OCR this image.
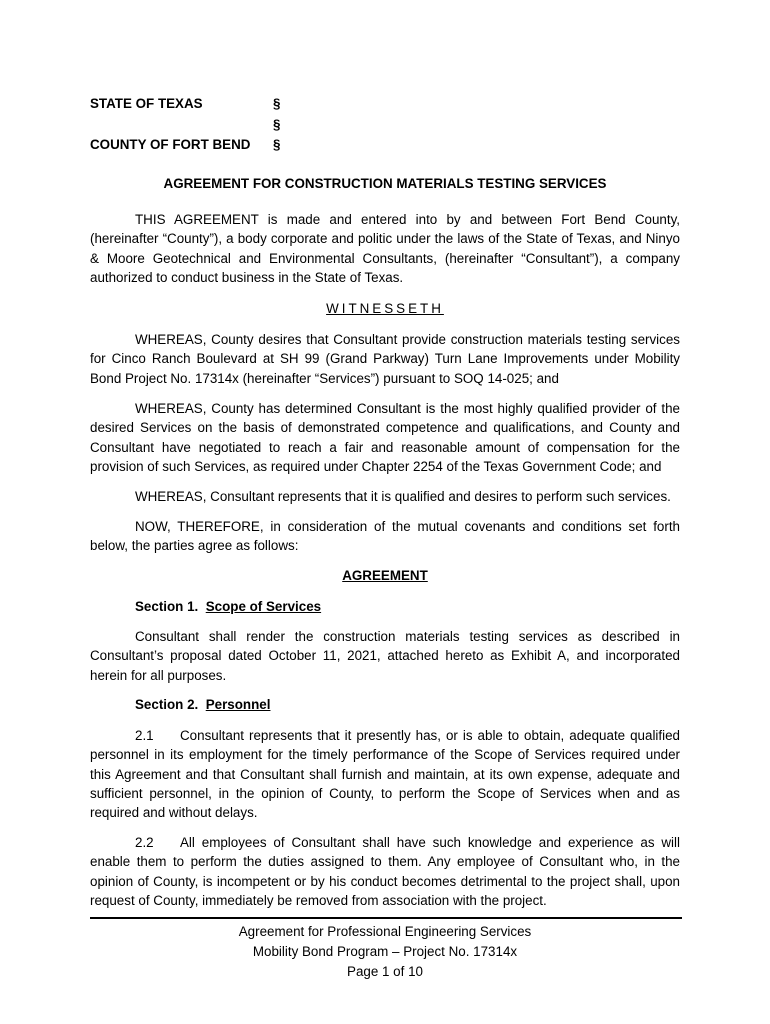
STATE OF TEXAS	§
§
COUNTY OF FORT BEND §
AGREEMENT FOR CONSTRUCTION MATERIALS TESTING SERVICES

THIS AGREEMENT is made and entered into by and between Fort Bend County, (hereinafter “County”), a body corporate and politic under the laws of the State of Texas, and Ninyo & Moore Geotechnical and Environmental Consultants, (hereinafter “Consultant”), a company authorized to conduct business in the State of Texas.

WITNESSETH

WHEREAS, County desires that Consultant provide construction materials testing services for Cinco Ranch Boulevard at SH 99 (Grand Parkway) Turn Lane Improvements under Mobility Bond Project No. 17314x (hereinafter “Services”) pursuant to SOQ 14-025; and

WHEREAS, County has determined Consultant is the most highly qualified provider of the desired Services on the basis of demonstrated competence and qualifications, and County and Consultant have negotiated to reach a fair and reasonable amount of compensation for the provision of such Services, as required under Chapter 2254 of the Texas Government Code; and

WHEREAS, Consultant represents that it is qualified and desires to perform such services.

NOW, THEREFORE, in consideration of the mutual covenants and conditions set forth below, the parties agree as follows:

AGREEMENT
Section 1. Scope of Services

Consultant shall render the construction materials testing services as described in Consultant’s proposal dated October 11, 2021, attached hereto as Exhibit A, and incorporated herein for all purposes.

Section 2. Personnel

2.1 Consultant represents that it presently has, or is able to obtain, adequate qualified personnel in its employment for the timely performance of the Scope of Services required under this Agreement and that Consultant shall furnish and maintain, at its own expense, adequate and sufficient personnel, in the opinion of County, to perform the Scope of Services when and as required and without delays.

2.2 All employees of Consultant shall have such knowledge and experience as will enable them to perform the duties assigned to them. Any employee of Consultant who, in the opinion of County, is incompetent or by his conduct becomes detrimental to the project shall, upon request of County, immediately be removed from association with the project.

Agreement for Professional Engineering Services
Mobility Bond Program – Project No. 17314x
Page 1 of 10
